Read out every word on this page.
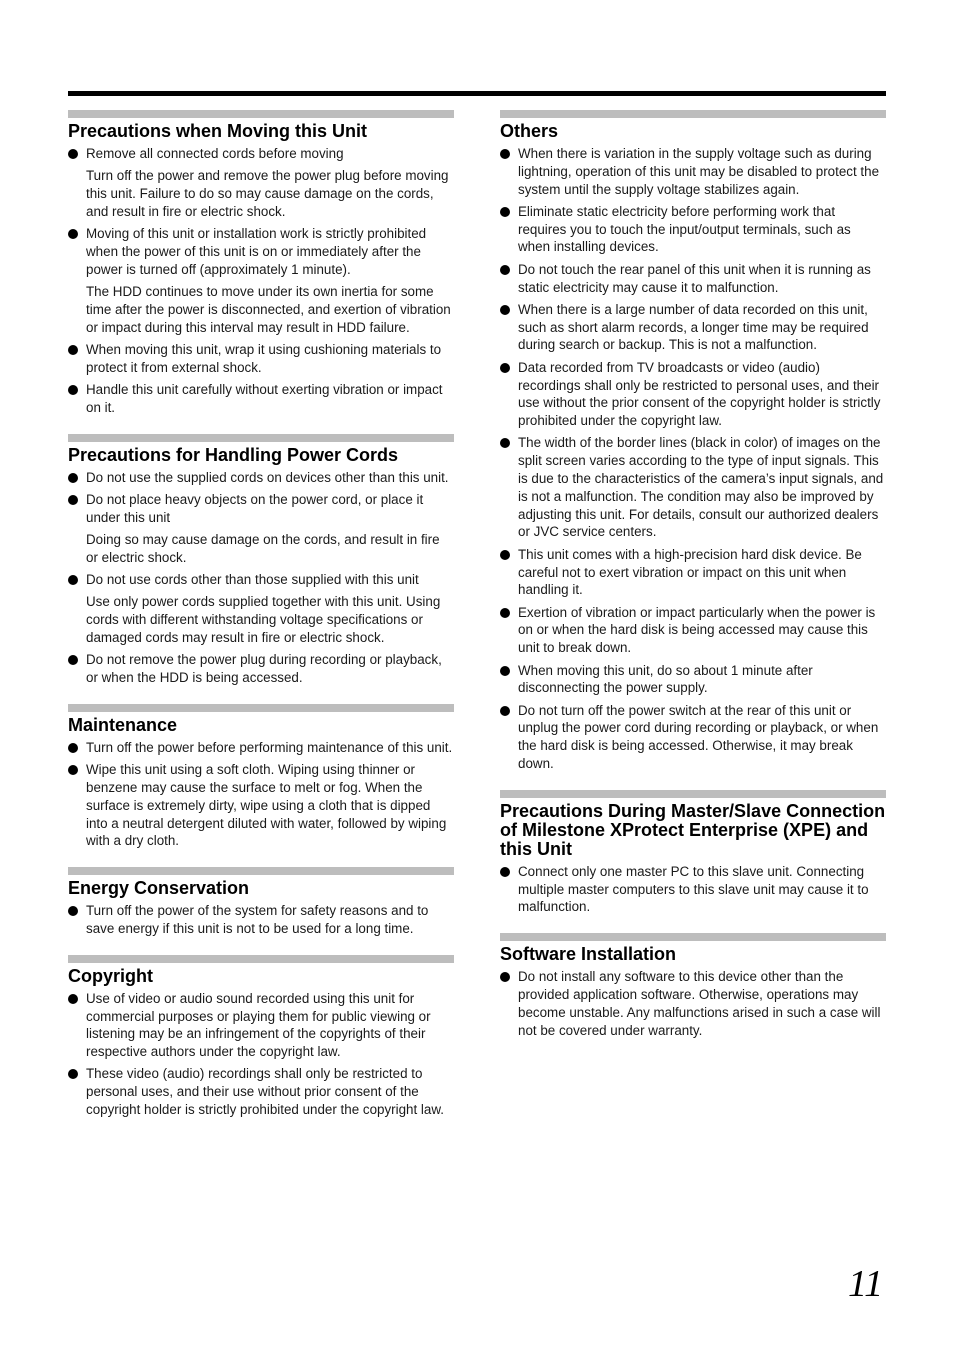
Precautions when Moving this Unit
Remove all connected cords before moving
Turn off the power and remove the power plug before moving this unit. Failure to do so may cause damage on the cords, and result in fire or electric shock.
Moving of this unit or installation work is strictly prohibited when the power of this unit is on or immediately after the power is turned off (approximately 1 minute).
The HDD continues to move under its own inertia for some time after the power is disconnected, and exertion of vibration or impact during this interval may result in HDD failure.
When moving this unit, wrap it using cushioning materials to protect it from external shock.
Handle this unit carefully without exerting vibration or impact on it.
Precautions for Handling Power Cords
Do not use the supplied cords on devices other than this unit.
Do not place heavy objects on the power cord, or place it under this unit
Doing so may cause damage on the cords, and result in fire or electric shock.
Do not use cords other than those supplied with this unit
Use only power cords supplied together with this unit. Using cords with different withstanding voltage specifications or damaged cords may result in fire or electric shock.
Do not remove the power plug during recording or playback, or when the HDD is being accessed.
Maintenance
Turn off the power before performing maintenance of this unit.
Wipe this unit using a soft cloth. Wiping using thinner or benzene may cause the surface to melt or fog. When the surface is extremely dirty, wipe using a cloth that is dipped into a neutral detergent diluted with water, followed by wiping with a dry cloth.
Energy Conservation
Turn off the power of the system for safety reasons and to save energy if this unit is not to be used for a long time.
Copyright
Use of video or audio sound recorded using this unit for commercial purposes or playing them for public viewing or listening may be an infringement of the copyrights of their respective authors under the copyright law.
These video (audio) recordings shall only be restricted to personal uses, and their use without prior consent of the copyright holder is strictly prohibited under the copyright law.
Others
When there is variation in the supply voltage such as during lightning, operation of this unit may be disabled to protect the system until the supply voltage stabilizes again.
Eliminate static electricity before performing work that requires you to touch the input/output terminals, such as when installing devices.
Do not touch the rear panel of this unit when it is running as static electricity may cause it to malfunction.
When there is a large number of data recorded on this unit, such as short alarm records, a longer time may be required during search or backup. This is not a malfunction.
Data recorded from TV broadcasts or video (audio) recordings shall only be restricted to personal uses, and their use without the prior consent of the copyright holder is strictly prohibited under the copyright law.
The width of the border lines (black in color) of images on the split screen varies according to the type of input signals. This is due to the characteristics of the camera’s input signals, and is not a malfunction. The condition may also be improved by adjusting this unit. For details, consult our authorized dealers or JVC service centers.
This unit comes with a high-precision hard disk device. Be careful not to exert vibration or impact on this unit when handling it.
Exertion of vibration or impact particularly when the power is on or when the hard disk is being accessed may cause this unit to break down.
When moving this unit, do so about 1 minute after disconnecting the power supply.
Do not turn off the power switch at the rear of this unit or unplug the power cord during recording or playback, or when the hard disk is being accessed. Otherwise, it may break down.
Precautions During Master/Slave Connection of Milestone XProtect Enterprise (XPE) and this Unit
Connect only one master PC to this slave unit. Connecting multiple master computers to this slave unit may cause it to malfunction.
Software Installation
Do not install any software to this device other than the provided application software. Otherwise, operations may become unstable. Any malfunctions arised in such a case will not be covered under warranty.
11
